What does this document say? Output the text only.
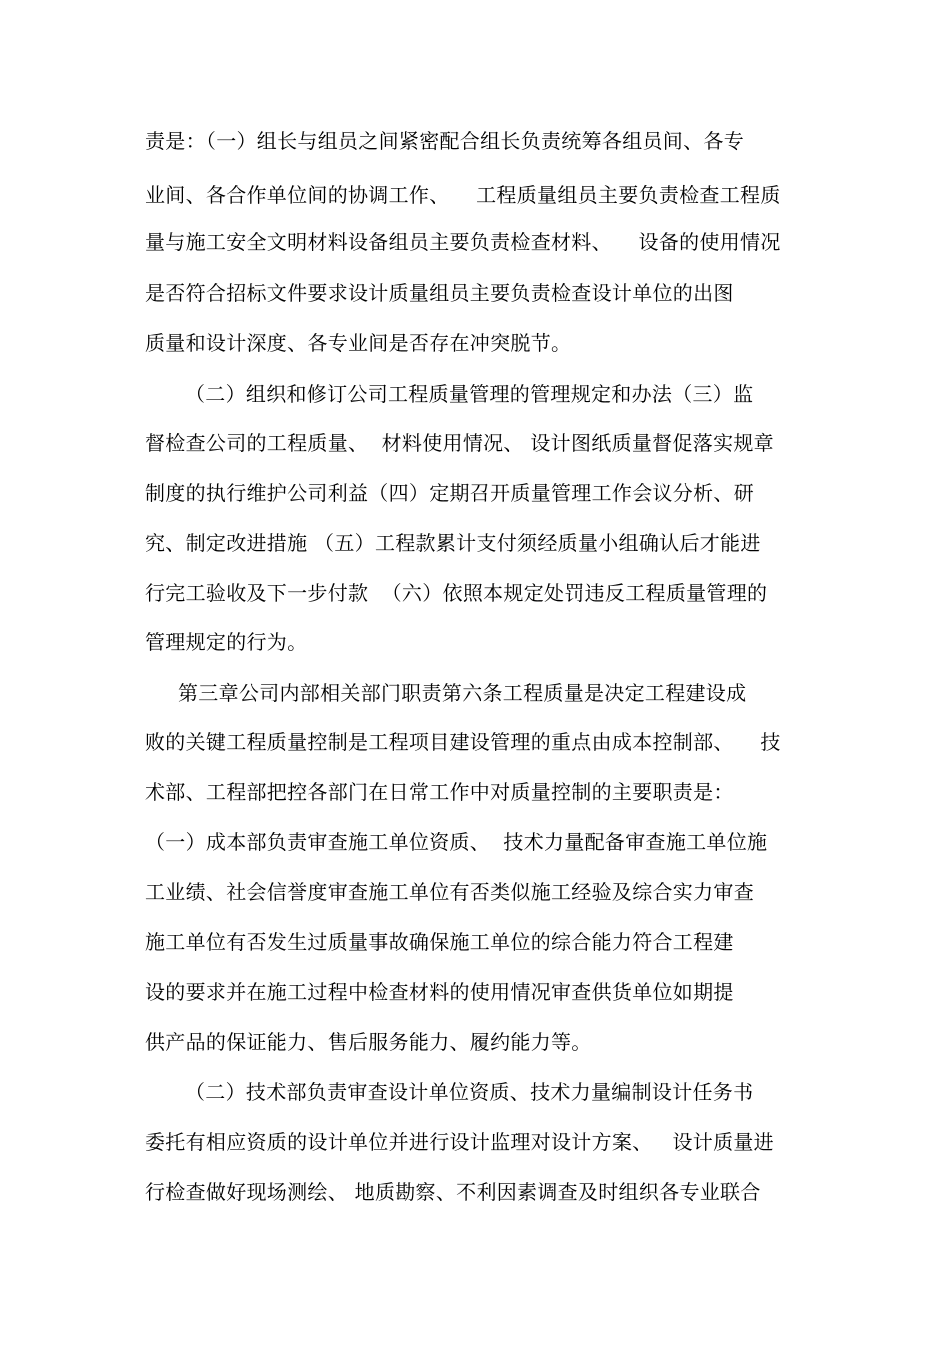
责是：（一）组长与组员之间紧密配合组长负责统筹各组员间、各专
业间、各合作单位间的协调工作、    工程质量组员主要负责检查工程质
量与施工安全文明材料设备组员主要负责检查材料、    设备的使用情况
是否符合招标文件要求设计质量组员主要负责检查设计单位的出图
质量和设计深度、各专业间是否存在冲突脱节。
（二）组织和修订公司工程质量管理的管理规定和办法（三）监
督检查公司的工程质量、  材料使用情况、 设计图纸质量督促落实规章
制度的执行维护公司利益（四）定期召开质量管理工作会议分析、研
究、制定改进措施 （五）工程款累计支付须经质量小组确认后才能进
行完工验收及下一步付款  （六）依照本规定处罚违反工程质量管理的
管理规定的行为。
第三章公司内部相关部门职责第六条工程质量是决定工程建设成
败的关键工程质量控制是工程项目建设管理的重点由成本控制部、    技
术部、工程部把控各部门在日常工作中对质量控制的主要职责是：
（一）成本部负责审查施工单位资质、  技术力量配备审查施工单位施
工业绩、社会信誉度审查施工单位有否类似施工经验及综合实力审查
施工单位有否发生过质量事故确保施工单位的综合能力符合工程建
设的要求并在施工过程中检查材料的使用情况审查供货单位如期提
供产品的保证能力、售后服务能力、履约能力等。
（二）技术部负责审查设计单位资质、技术力量编制设计任务书
委托有相应资质的设计单位并进行设计监理对设计方案、   设计质量进
行检查做好现场测绘、 地质勘察、不利因素调查及时组织各专业联合
